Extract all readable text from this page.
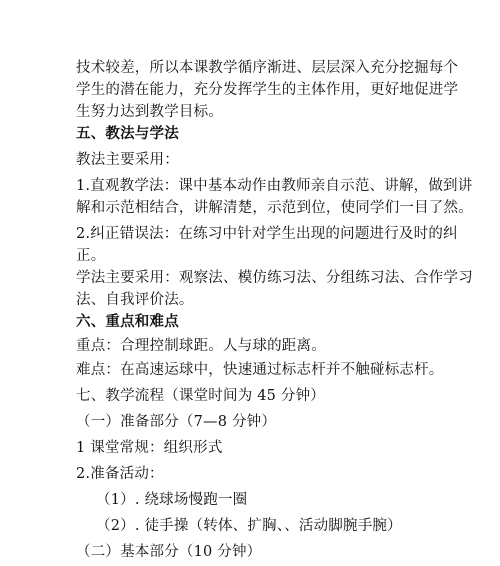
技术较差，所以本课教学循序渐进、层层深入充分挖掘每个
学生的潜在能力，充分发挥学生的主体作用，更好地促进学
生努力达到教学目标。
五、教法与学法
教法主要采用：
1.直观教学法：课中基本动作由教师亲自示范、讲解，做到讲
解和示范相结合，讲解清楚，示范到位，使同学们一目了然。
2.纠正错误法：在练习中针对学生出现的问题进行及时的纠
正。
学法主要采用：观察法、模仿练习法、分组练习法、合作学习
法、自我评价法。
六、重点和难点
重点：合理控制球距。人与球的距离。
难点：在高速运球中，快速通过标志杆并不触碰标志杆。
七、教学流程（课堂时间为 45 分钟）
（一）准备部分（7—8 分钟）
1 课堂常规：组织形式
2.准备活动：
（1）. 绕球场慢跑一圈
（2）. 徒手操（转体、扩胸、、活动脚腕手腕）
（二）基本部分（10 分钟）
